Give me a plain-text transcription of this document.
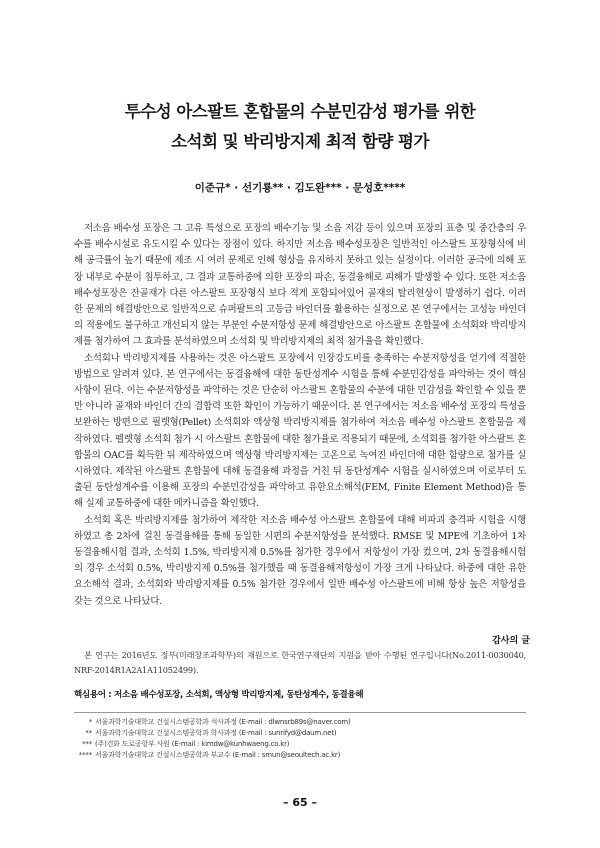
투수성 아스팔트 혼합물의 수분민감성 평가를 위한
소석회 및 박리방지제 최적 함량 평가
이준규* · 선기룡** · 김도완*** · 문성호****

저소음 배수성 포장은 그 고유 특성으로 포장의 배수기능 및 소음 저감 등이 있으며 포장의 표층 및 중간층의 우수를 배수시설로 유도시킬 수 있다는 장점이 있다. 하지만 저소음 배수성포장은 일반적인 아스팔트 포장형식에 비해 공극률이 높기 때문에 제조 시 여러 문제로 인해 형상을 유지하지 못하고 있는 실정이다. 이러한 공극에 의해 포장 내부로 수분이 침투하고, 그 결과 교통하중에 의한 포장의 파손, 동결융해로 피해가 발생할 수 있다. 또한 저소음 배수성포장은 잔골재가 다른 아스팔트 포장형식 보다 적게 포함되어있어 골재의 탈리현상이 발생하기 쉽다. 이러한 문제의 해결방안으로 일반적으로 슈퍼팔트의 고등급 바인더를 활용하는 실정으로 본 연구에서는 고성능 바인더의 적용에도 불구하고 개선되지 않는 부분인 수분저항성 문제 해결방안으로 아스팔트 혼합물에 소석회와 박리방지제를 첨가하여 그 효과를 분석하였으며 소석회 및 박리방지제의 최적 첨가율을 확인했다.

소석회나 박리방지제를 사용하는 것은 아스팔트 포장에서 인장강도비를 충족하는 수분저항성을 얻기에 적절한 방법으로 알려져 있다. 본 연구에서는 동결융해에 대한 동탄성계수 시험을 통해 수분민감성을 파악하는 것이 핵심사항이 된다. 이는 수분저항성을 파악하는 것은 단순히 아스팔트 혼합물의 수분에 대한 민감성을 확인할 수 있을 뿐만 아니라 골재와 바인더 간의 결합력 또한 확인이 가능하기 때문이다. 본 연구에서는 저소음 배수성 포장의 특성을 보완하는 방편으로 필렛형(Pellet) 소석회와 액상형 박리방지제를 첨가하여 저소음 배수성 아스팔트 혼합물을 제작하였다. 펠렛형 소석회 첨가 시 아스팔트 혼합물에 대한 첨가율로 적용되기 때문에, 소석회를 첨가한 아스팔트 혼합물의 OAC를 획득한 뒤 제작하였으며 액상형 박리방지제는 고온으로 녹여진 바인더에 대한 함량으로 첨가를 실시하였다. 제작된 아스팔트 혼합물에 대해 동결융해 과정을 거친 뒤 동탄성계수 시험을 실시하였으며 이로부터 도출된 동탄성계수를 이용해 포장의 수분민감성을 파악하고 유한요소해석(FEM, Finite Element Method)을 통해 실제 교통하중에 대한 메카니즘을 확인했다.

소석회 혹은 박리방지제를 첨가하여 제작한 저소음 배수성 아스팔트 혼합물에 대해 비파괴 충격파 시험을 시행하였고 총 2차에 걸친 동결융해를 통해 동일한 시편의 수분저항성을 분석했다. RMSE 및 MPE에 기초하여 1차 동결융해시험 결과, 소석회 1.5%, 박리방지제 0.5%를 첨가한 경우에서 저항성이 가장 컸으며, 2차 동결융해시험의 경우 소석회 0.5%, 박리방지제 0.5%를 첨가했을 때 동결융해저항성이 가장 크게 나타났다. 하중에 대한 유한요소해석 결과, 소석회와 박리방지제를 0.5% 첨가한 경우에서 일반 배수성 아스팔트에 비해 항상 높은 저항성을 갖는 것으로 나타났다.

감사의 글

본 연구는 2016년도 정부(미래창조과학부)의 재원으로 한국연구재단의 지원을 받아 수행된 연구입니다(No.2011-0030040, NRF-2014R1A2A1A11052499).

핵심용어 : 저소음 배수성포장, 소석회, 액상형 박리방지제, 동탄성계수, 동결융해
* 서울과학기술대학교 건설시스템공학과 석사과정 (E-mail : dlwnsrb89s@naver.com)
** 서울과학기술대학교 건설시스템공학과 학사과정 (E-mail : sunrifyd@daum.net)
*** (주)건화 도로공항부 사원 (E-mail : kimdw@kunhwaeng.co.kr)
**** 서울과학기술대학교 건설시스템공학과 부교수 (E-mail : smun@seoultech.ac.kr)
– 65 –
